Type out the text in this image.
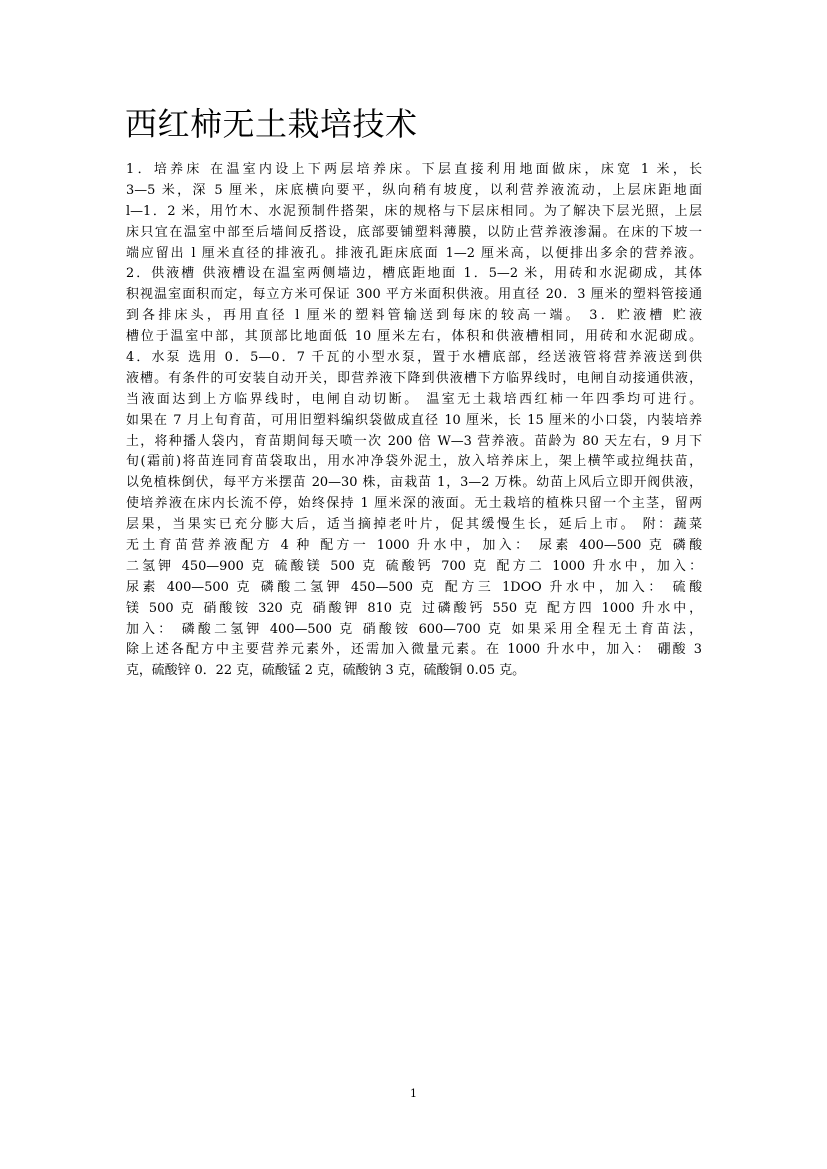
西红柿无土栽培技术
1．培养床 在温室内设上下两层培养床。下层直接利用地面做床，床宽 1 米，长
3—5 米，深 5 厘米，床底横向要平，纵向稍有坡度，以利营养液流动，上层床距地面
l—1．2 米，用竹木、水泥预制件搭架，床的规格与下层床相同。为了解决下层光照，上层
床只宜在温室中部至后墙间反搭设，底部要铺塑料薄膜，以防止营养液渗漏。在床的下坡一
端应留出 l 厘米直径的排液孔。排液孔距床底面 1—2 厘米高，以便排出多余的营养液。
2．供液槽 供液槽设在温室两侧墙边，槽底距地面 1．5—2 米，用砖和水泥砌成，其体
积视温室面积而定，每立方米可保证 300 平方米面积供液。用直径 20．3 厘米的塑料管接通
到各排床头，再用直径 l 厘米的塑料管输送到每床的较高一端。 3．贮液槽 贮液
槽位于温室中部，其顶部比地面低 10 厘米左右，体积和供液槽相同，用砖和水泥砌成。
4．水泵 选用 0．5—0．7 千瓦的小型水泵，置于水槽底部，经送液管将营养液送到供
液槽。有条件的可安装自动开关，即营养液下降到供液槽下方临界线时，电闸自动接通供液，
当液面达到上方临界线时，电闸自动切断。 温室无土栽培西红柿一年四季均可进行。
如果在 7 月上旬育苗，可用旧塑料编织袋做成直径 10 厘米，长 15 厘米的小口袋，内装培养
土，将种播人袋内，育苗期间每天喷一次 200 倍 W—3 营养液。苗龄为 80 天左右，9 月下
旬(霜前)将苗连同育苗袋取出，用水冲净袋外泥土，放入培养床上，架上横竿或拉绳扶苗，
以免植株倒伏，每平方米摆苗 20—30 株，亩栽苗 1，3—2 万株。幼苗上风后立即开阀供液，
使培养液在床内长流不停，始终保持 1 厘米深的液面。无土栽培的植株只留一个主茎，留两
层果，当果实已充分膨大后，适当摘掉老叶片，促其缓慢生长，延后上市。 附：蔬菜
无土育苗营养液配方 4 种 配方一 1000 升水中，加入： 尿素 400—500 克 磷酸
二氢钾 450—900 克 硫酸镁 500 克 硫酸钙 700 克 配方二 1000 升水中，加入：
尿素 400—500 克 磷酸二氢钾 450—500 克 配方三 1DOO 升水中，加入： 硫酸
镁 500 克 硝酸铵 320 克 硝酸钾 810 克 过磷酸钙 550 克 配方四 1000 升水中，
加入： 磷酸二氢钾 400—500 克 硝酸铵 600—700 克 如果采用全程无土育苗法，
除上述各配方中主要营养元素外，还需加入微量元素。在 1000 升水中，加入： 硼酸 3
克，硫酸锌 0．22 克，硫酸锰 2 克，硫酸钠 3 克，硫酸铜 0.05 克。
1
